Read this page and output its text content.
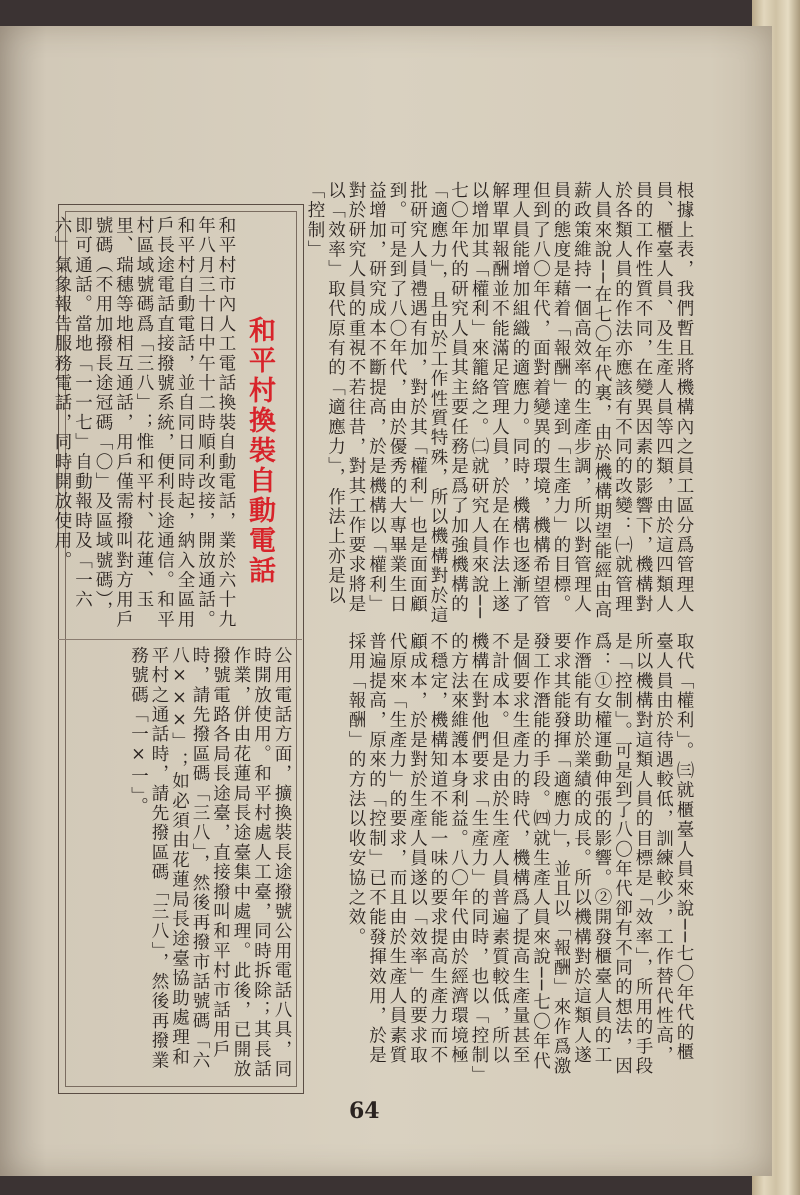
根據上表，我們暫且將機構內之員工區分爲管理人員、櫃臺人員、及生產人員等四類，由於這四類人員的工作性質不同，在變異因素的影響下，機構對於各類人員的作法亦應該有不同的改變：㈠就管理人員來說──在七〇年代裏，由於機構期望能經由高薪政策維持一個高效率的生產步調，所以對管理人員的態度是藉着「報酬」達到「生產力」的目標。但到了八〇年代，面對着變異的環境，機構希望管理人員能增加組織的適應力。同時，機構也逐漸了解單單報酬並不能滿足管理人員，於是在作法上遂以增加其「權利」來籠絡之。㈡就研究人員來說──七〇年代的研究人員其主要任務是爲了加強機構的「適應力」，且由於工作性質特殊，所以機構對於這批研究人員禮遇有加，對於其「權利」也是面面顧到。可是到了八〇年代，由於優秀的大專畢業生日益增加，研究成本不斷提高，於是機構以「權利」對於研究人員的重視不若往昔，對其工作要求將是以「效率」取代原有的「適應力」，作法上亦是以「控制」
取代「權利」。㈢就櫃臺人員來說──七〇年代的櫃臺人員由於待遇較低，訓練較少，工作替代性高，所以機構對這類人員的目標是「效率」，所用的手段是「控制」。可是到了八〇年代卻有不同的想法，因爲：①女權運動伸張的影響。②開發櫃臺人員的工作潛能有助於業績的成長。所以機構對於這類人遂要求其能發揮「適應力」，並且以「報酬」來作爲激發工作潛能的手段。㈣就生產人員來說──七〇年代是個要求生產力的時代，機構爲了提高生產量甚至不計成本。但是由於生產人員普遍素質較低，所以機構在對他們要求「生產力」的同時，也以「控制」的方法來維護本身利益。八〇年代由於經濟環境極不穩定，機構知道不能一味的要求提高生產力而不顧成本，於是對於生產人員遂以「效率」的要求取代原來「生產力」的要求，而且由於生產人員素質普遍提高，原來的「控制」已不能發揮效用，於是採用「報酬」的方法以收安協之效。
和平村換裝自動電話
和平村市內人工電話換裝自動電話，業於六十九年八月三十日中午十二時順利改接，開放通話。和平村自動電話，並自同日同時起，納入全區用戶長途電話直接撥號系統，便利長途通信。和平村區域號碼爲「三八」；惟和平村、花蓮、玉里、瑞穗等地相互通話，用戶僅需撥叫對方用戶號碼（不用加撥長途冠碼「〇」及區域號碼），即可通話。當地「一一七」自動報時及「一六六」氣象報告服務電話，同時開放使用。
公用電話方面，擴換裝長途撥號公用電話八具，同時開放使用。和平村處人工臺，同時拆除；其長話作業，併由花蓮局長途臺集中處理。此後，已開放撥號電路各局長途臺，直接撥叫和平村市話用戶時，請先撥區碼「三八」，然後再撥市話號碼「六八×××」；如必須由花蓮局長途臺協助處理和平村之通話時，請先撥區碼「三八」，然後再撥業務號碼「一×一」。
64
